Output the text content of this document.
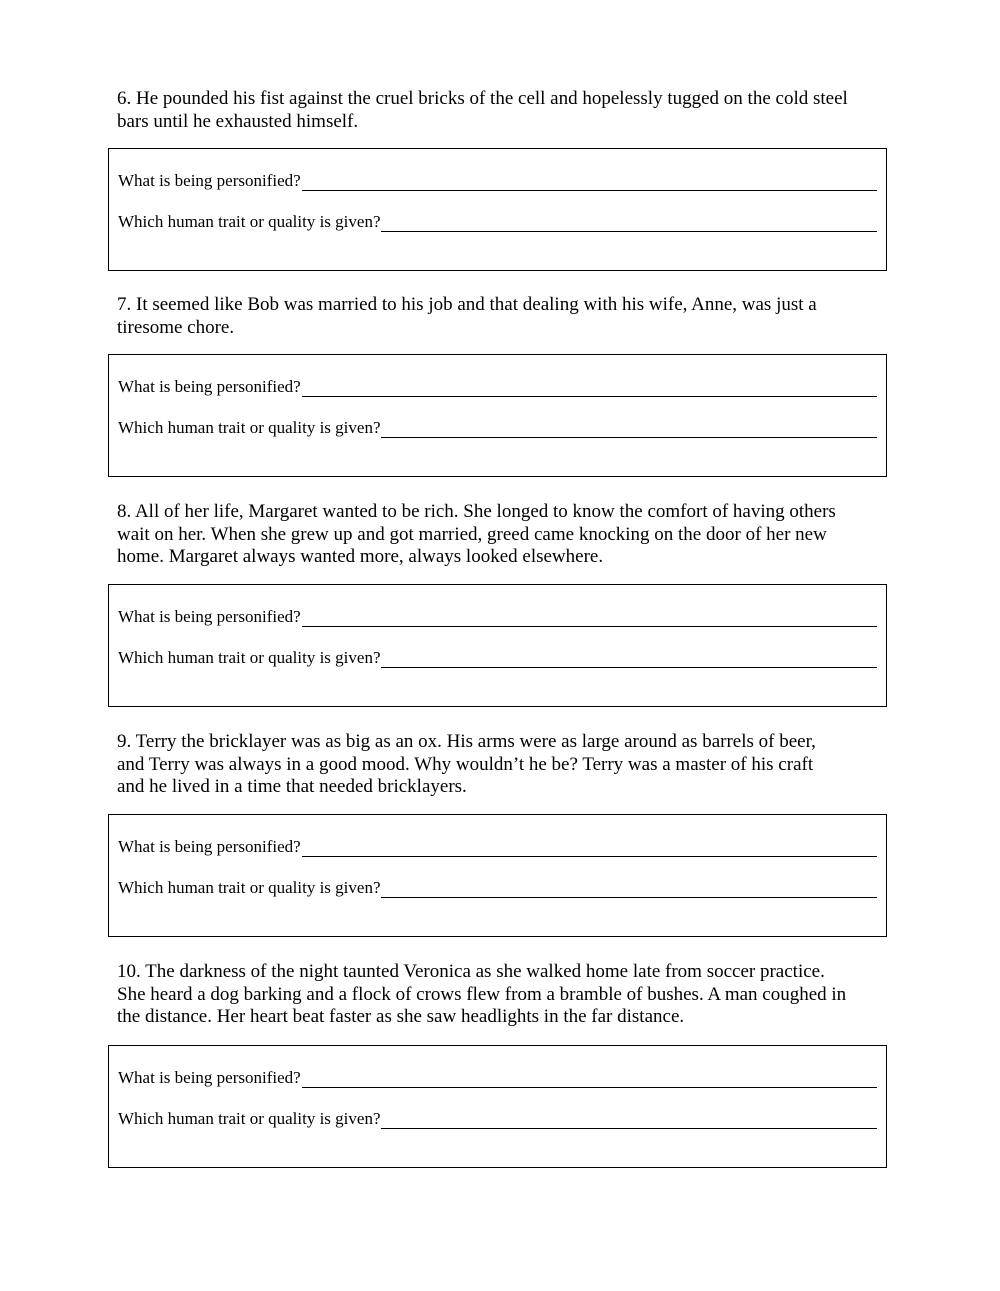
6. He pounded his fist against the cruel bricks of the cell and hopelessly tugged on the cold steel
bars until he exhausted himself.

What is being personified?
Which human trait or quality is given?

7. It seemed like Bob was married to his job and that dealing with his wife, Anne, was just a
tiresome chore.

What is being personified?
Which human trait or quality is given?

8. All of her life, Margaret wanted to be rich. She longed to know the comfort of having others
wait on her. When she grew up and got married, greed came knocking on the door of her new
home. Margaret always wanted more, always looked elsewhere.

What is being personified?
Which human trait or quality is given?

9. Terry the bricklayer was as big as an ox. His arms were as large around as barrels of beer,
and Terry was always in a good mood. Why wouldn’t he be? Terry was a master of his craft
and he lived in a time that needed bricklayers.

What is being personified?
Which human trait or quality is given?

10. The darkness of the night taunted Veronica as she walked home late from soccer practice.
She heard a dog barking and a flock of crows flew from a bramble of bushes. A man coughed in
the distance. Her heart beat faster as she saw headlights in the far distance.

What is being personified?
Which human trait or quality is given?
